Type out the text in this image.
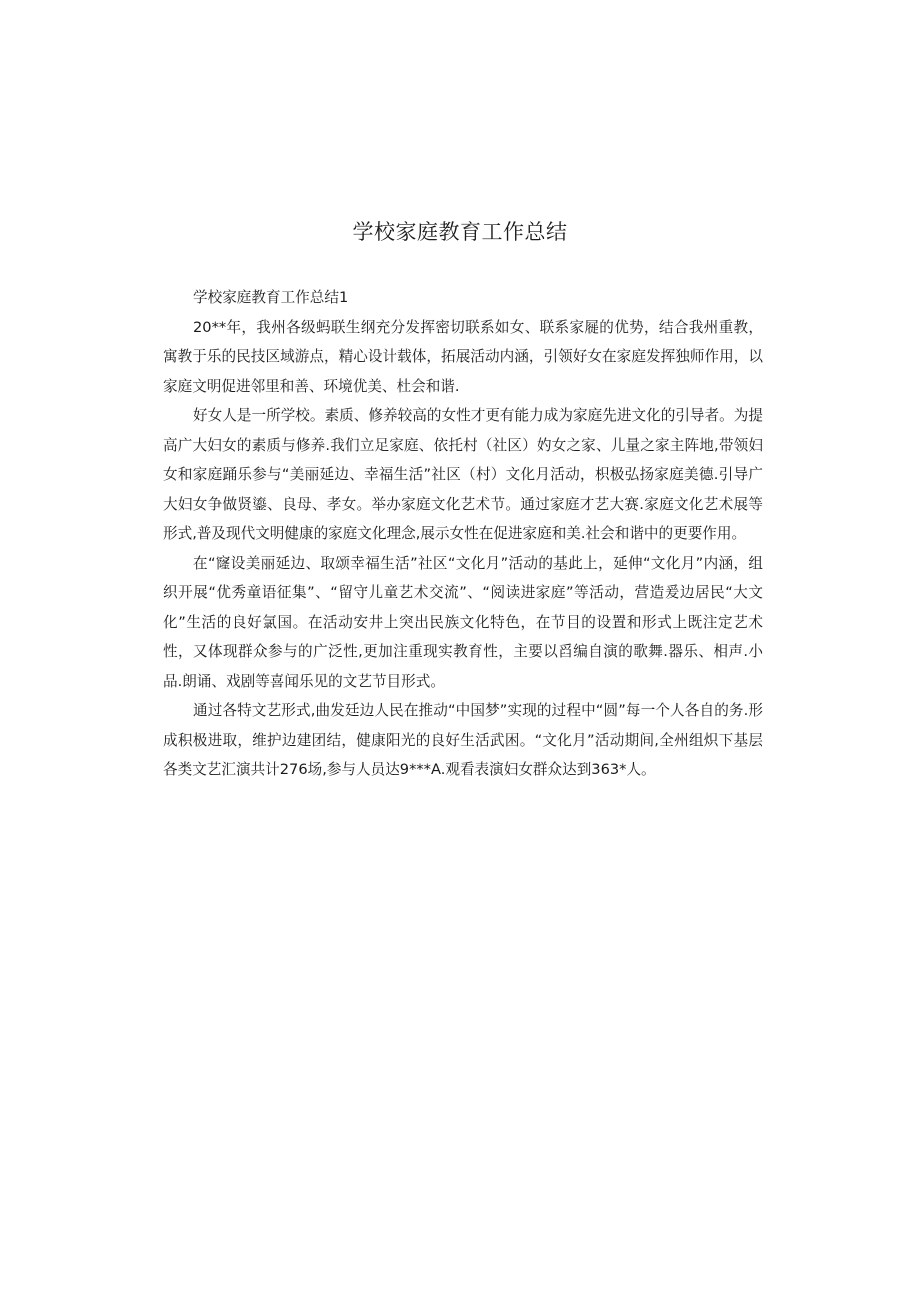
学校家庭教育工作总结

学校家庭教育工作总结1

20**年，我州各级蚂联生纲充分发挥密切联系如女、联系家屣的优势，结合我州重教，寓教于乐的民技区域游点，精心设计载体，拓展活动内涵，引领好女在家庭发挥独师作用，以家庭文明促进邻里和善、环境优美、杜会和谐.

好女人是一所学校。素质、修养较高的女性才更有能力成为家庭先进文化的引导者。为提高广大妇女的素质与修养.我们立足家庭、依托村（社区）妁女之家、儿量之家主阵地,带领妇女和家庭踊乐参与“美丽延边、幸福生活”社区（村）文化月活动，枳极弘扬家庭美德.引导广大妇女争做贤鎏、良母、孝女。举办家庭文化艺术节。通过家庭才艺大赛.家庭文化艺术展等形式,普及现代文明健康的家庭文化理念,展示女性在促进家庭和美.社会和谐中的更要作用。

在“窿设美丽延边、取颂幸福生活”社区“文化月”活动的基此上，延伸“文化月”内涵，组织开展“优秀童语征集”、“留守儿童艺术交流”、“阅读进家庭”等活动，营造爰边居民“大文化”生活的良好氯国。在活动安井上突出民族文化特色，在节目的设置和形式上既注定艺术性，又体现群众参与的广泛性,更加注重现实教育性，主要以舀编自演的歌舞.器乐、相声.小品.朗诵、戏剧等喜闻乐见的文艺节目形式。

通过各特文艺形式,曲发廷边人民在推动“中国梦”实现的过程中“圆”每一个人各自的务.形成积极进取，维护边建团结，健康阳光的良好生活武困。“文化月”活动期间,全州组炽下基层各类文艺汇演共计276场,参与人员达9***A.观看表演妇女群众达到363*人。
